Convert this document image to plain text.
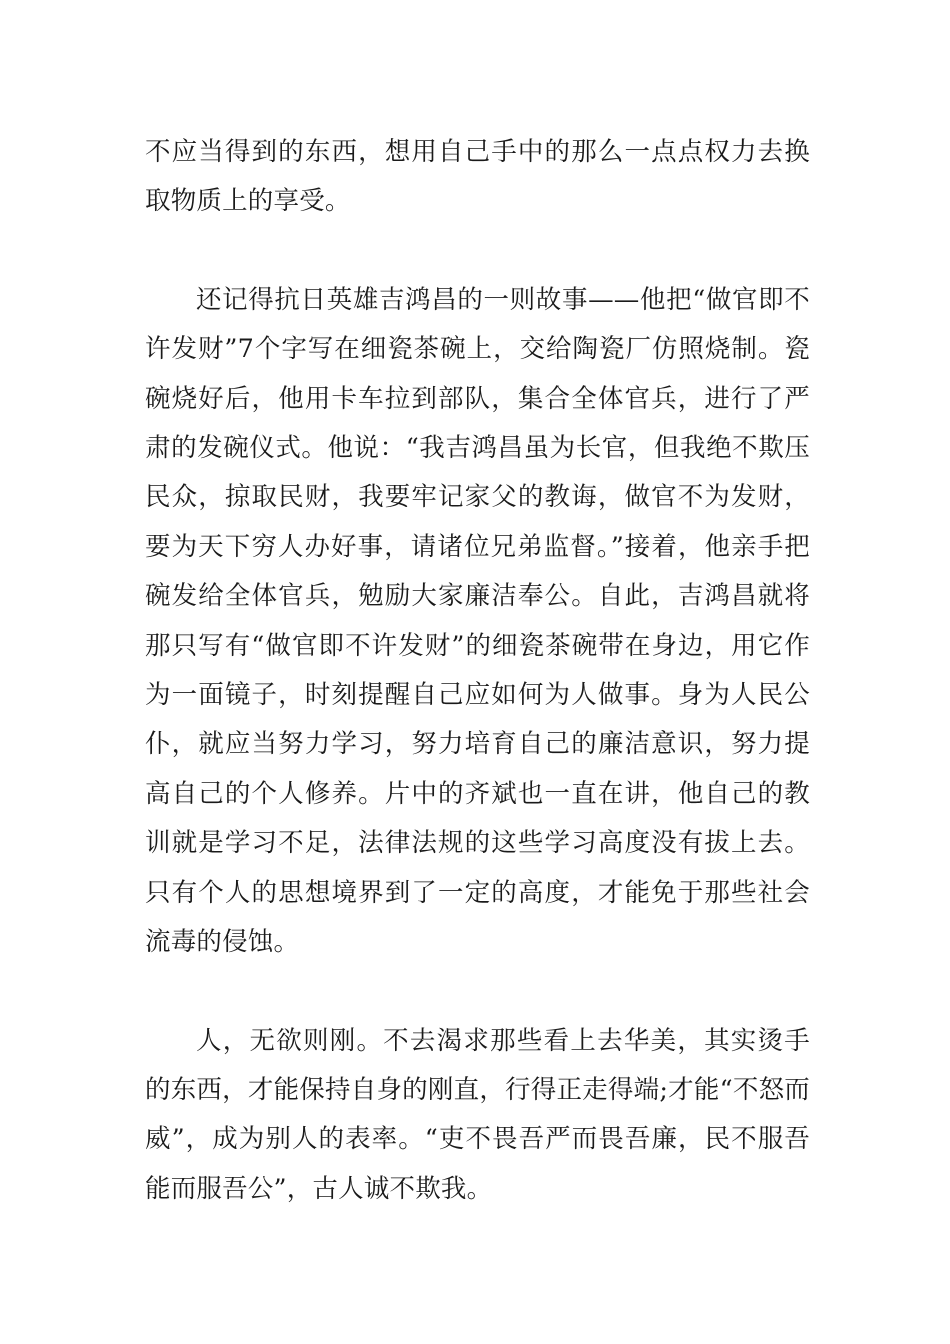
不应当得到的东西，想用自己手中的那么一点点权力去换取物质上的享受。

还记得抗日英雄吉鸿昌的一则故事——他把“做官即不许发财”7个字写在细瓷茶碗上，交给陶瓷厂仿照烧制。瓷碗烧好后，他用卡车拉到部队，集合全体官兵，进行了严肃的发碗仪式。他说：“我吉鸿昌虽为长官，但我绝不欺压民众，掠取民财，我要牢记家父的教诲，做官不为发财，要为天下穷人办好事，请诸位兄弟监督。”接着，他亲手把碗发给全体官兵，勉励大家廉洁奉公。自此，吉鸿昌就将那只写有“做官即不许发财”的细瓷茶碗带在身边，用它作为一面镜子，时刻提醒自己应如何为人做事。身为人民公仆，就应当努力学习，努力培育自己的廉洁意识，努力提高自己的个人修养。片中的齐斌也一直在讲，他自己的教训就是学习不足，法律法规的这些学习高度没有拔上去。只有个人的思想境界到了一定的高度，才能免于那些社会流毒的侵蚀。

人，无欲则刚。不去渴求那些看上去华美，其实烫手的东西，才能保持自身的刚直，行得正走得端;才能“不怒而威”，成为别人的表率。“吏不畏吾严而畏吾廉，民不服吾能而服吾公”，古人诚不欺我。
